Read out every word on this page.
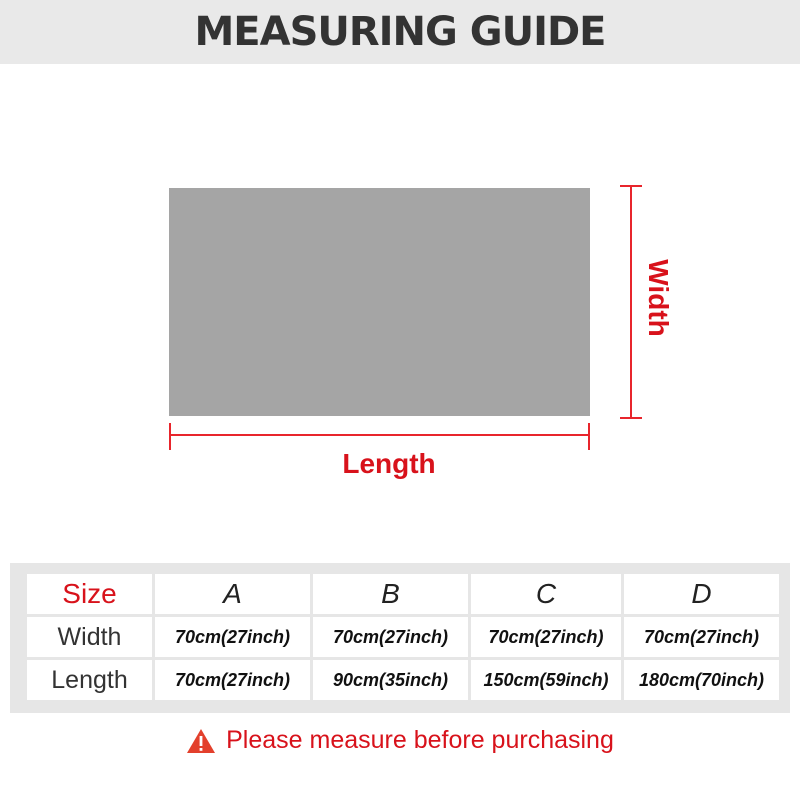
MEASURING GUIDE
Length
Width
Size	A	B	C	D
Width	70cm(27inch)	70cm(27inch)	70cm(27inch)	70cm(27inch)
Length	70cm(27inch)	90cm(35inch)	150cm(59inch)	180cm(70inch)
Please measure before purchasing
